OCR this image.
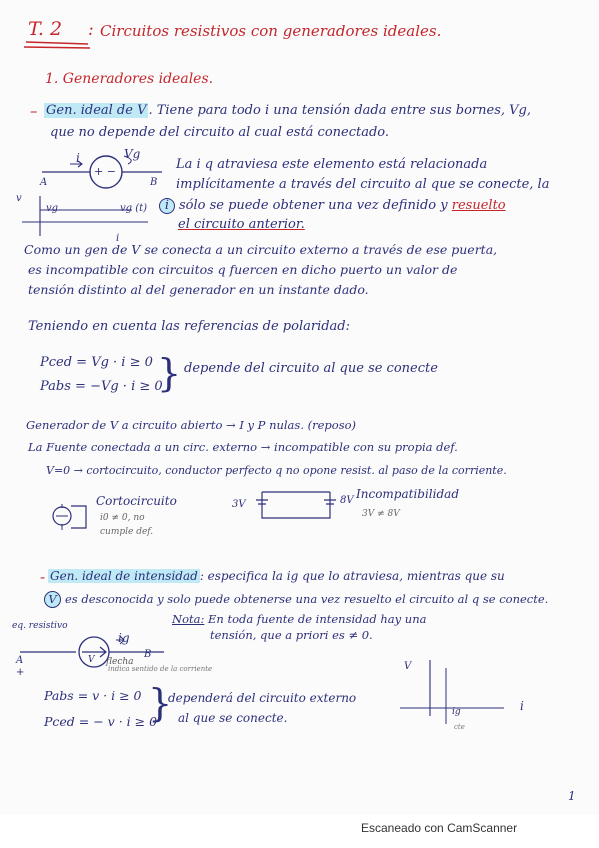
T. 2 : Circuitos resistivos con generadores ideales.
1. Generadores ideales.
– Gen. ideal de V . Tiene para todo i una tensión dada entre sus bornes, Vg,
que no depende del circuito al cual está conectado.
i	Vg
+ −
A	B
La i q atraviesa este elemento está relacionada
implícitamente a través del circuito al que se conecte, la
i sólo se puede obtener una vez definido y resuelto
el circuito anterior.
v
vg	vg (t)
i
Como un gen de V se conecta a un circuito externo a través de ese puerta,
es incompatible con circuitos q fuercen en dicho puerto un valor de
tensión distinto al del generador en un instante dado.
Teniendo en cuenta las referencias de polaridad:
Pced = Vg · i ≥ 0
Pabs = −Vg · i ≥ 0
} depende del circuito al que se conecte
Generador de V a circuito abierto → I y P nulas. (reposo)
La Fuente conectada a un circ. externo → incompatible con su propia def.
V=0 → cortocircuito, conductor perfecto q no opone resist. al paso de la corriente.
Cortocircuito
i0 ≠ 0, no
cumple def.
3V	8V Incompatibilidad
3V ≠ 8V
- Gen. ideal de intensidad : especifica la ig que lo atraviesa, mientras que su
V es desconocida y solo puede obtenerse una vez resuelto el circuito al q se conecte.
Nota: En toda fuente de intensidad hay una
tensión, que a priori es ≠ 0.
eq. resistivo
ig
A
+
B
V flecha
indica sentido de la corriente
Pabs = v · i ≥ 0
Pced = − v · i ≥ 0
}
dependerá del circuito externo
al que se conecte.
V
ig	i
cte
1
Escaneado con CamScanner
